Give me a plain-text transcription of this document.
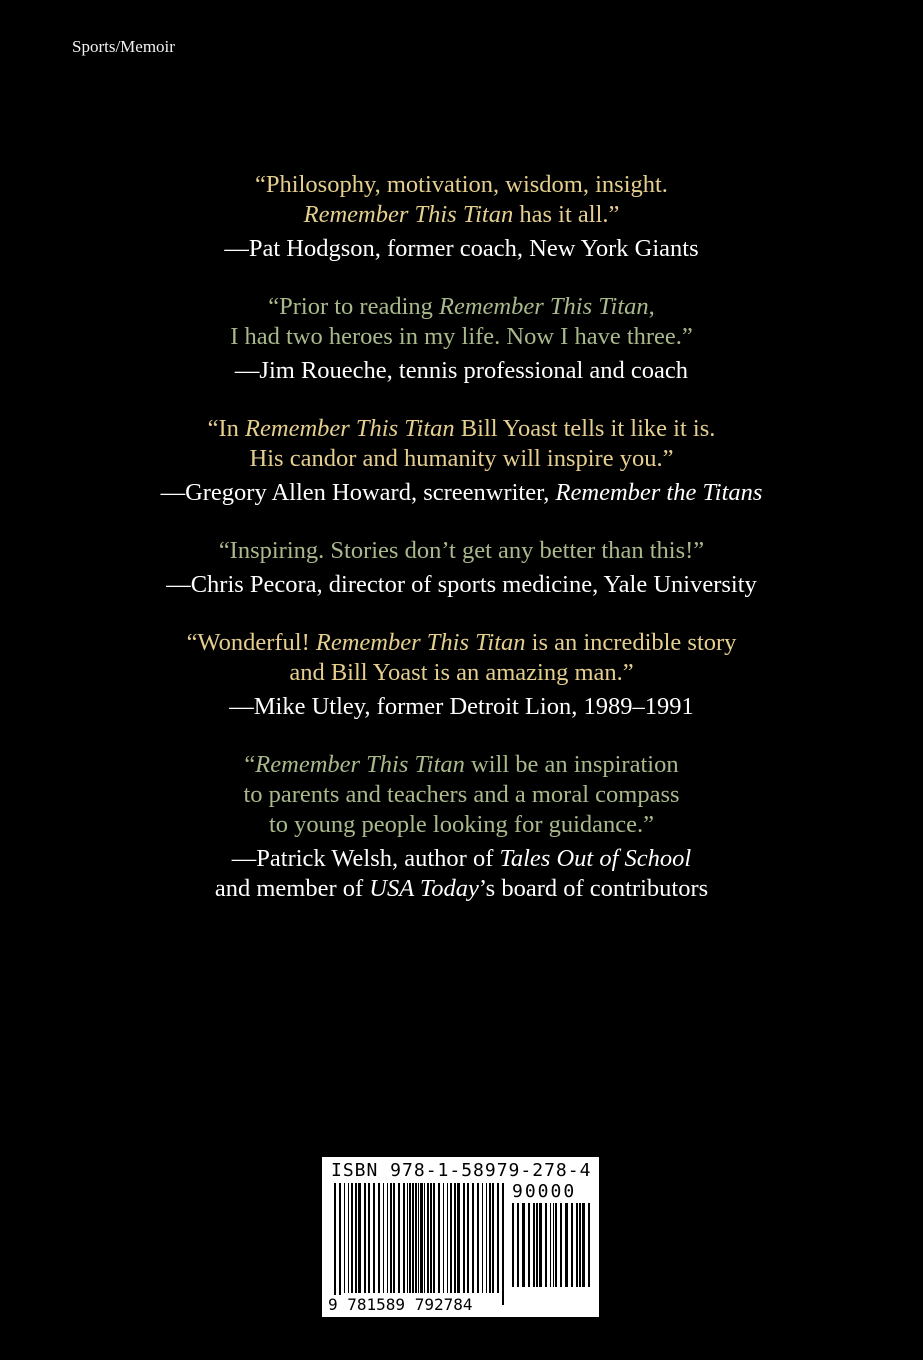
Sports/Memoir

“Philosophy, motivation, wisdom, insight.
Remember This Titan has it all.”

—Pat Hodgson, former coach, New York Giants

“Prior to reading Remember This Titan,
I had two heroes in my life. Now I have three.”

—Jim Roueche, tennis professional and coach

“In Remember This Titan Bill Yoast tells it like it is.
His candor and humanity will inspire you.”

—Gregory Allen Howard, screenwriter, Remember the Titans

“Inspiring. Stories don’t get any better than this!”

—Chris Pecora, director of sports medicine, Yale University

“Wonderful! Remember This Titan is an incredible story
and Bill Yoast is an amazing man.”

—Mike Utley, former Detroit Lion, 1989–1991

“Remember This Titan will be an inspiration
to parents and teachers and a moral compass
to young people looking for guidance.”

—Patrick Welsh, author of Tales Out of School
and member of USA Today’s board of contributors

ISBN 978-1-58979-278-4
90000
9 781589 792784
